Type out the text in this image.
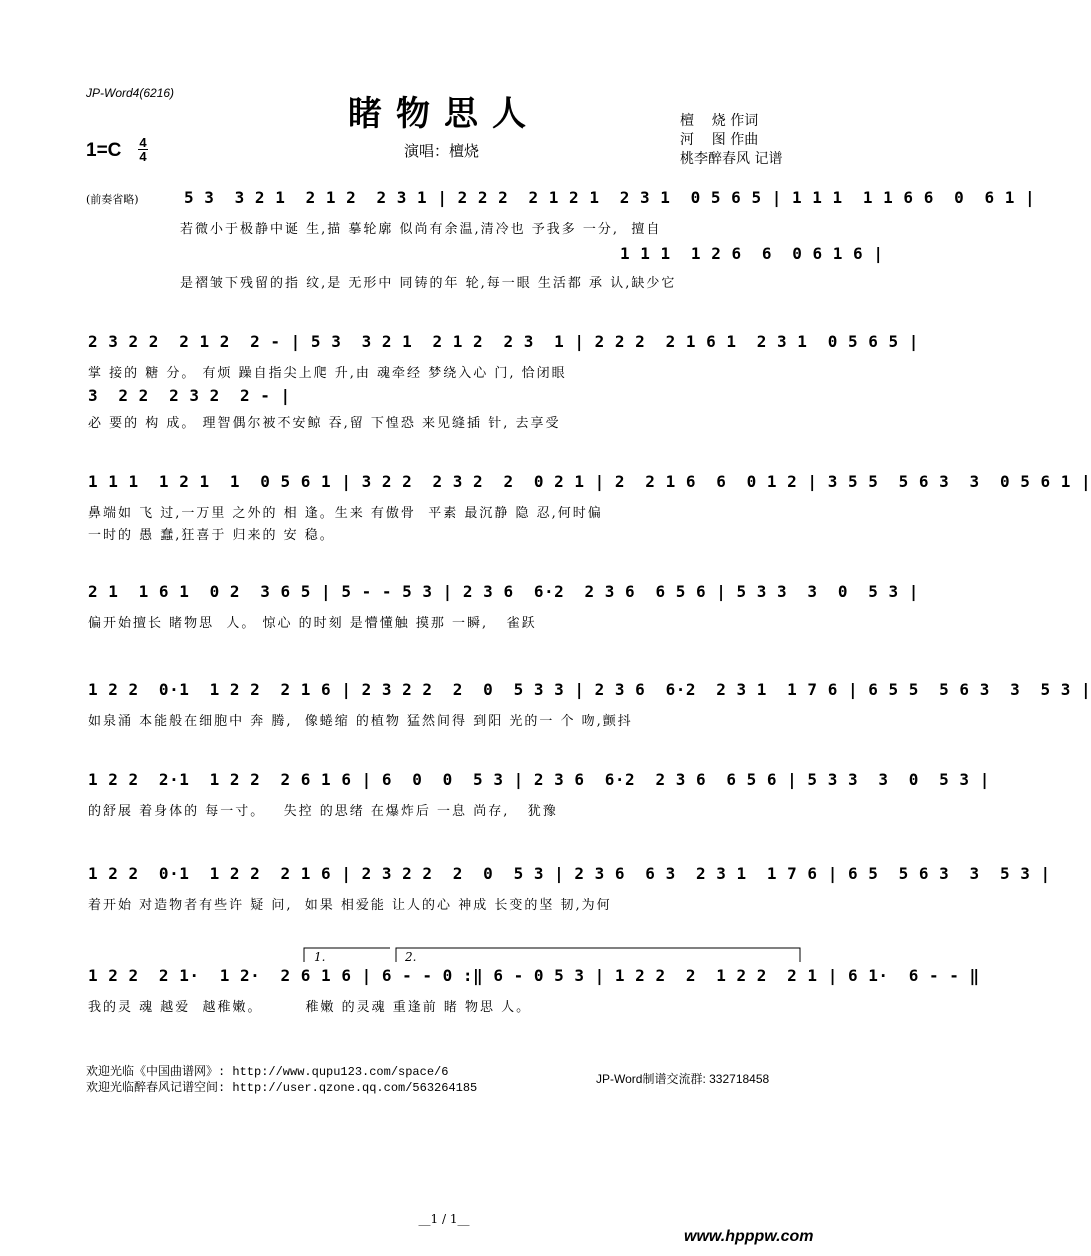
JP-Word4(6216)
睹物思人
1=C 4
4	演唱：檀烧
檀    烧 作词
河    图 作曲
桃李醉春风 记谱
(前奏省略)	5 3  3 2 1  2 1 2  2 3 1 | 2 2 2  2 1 2 1  2 3 1  0 5 6 5 | 1 1 1  1 1 6 6  0  6 1 |
若微小于极静中诞 生,描 摹轮廓 似尚有余温,清冷也 予我多 一分,  擅自
1 1 1  1 2 6  6  0 6 1 6 |
是褶皱下残留的指 纹,是 无形中 同铸的年 轮,每一眼 生活都 承 认,缺少它
2 3 2 2  2 1 2  2 - | 5 3  3 2 1  2 1 2  2 3  1 | 2 2 2  2 1 6 1  2 3 1  0 5 6 5 |
掌 接的 糖 分。 有烦 躁自指尖上爬 升,由 魂牵经 梦绕入心 门, 恰闭眼
3  2 2  2 3 2  2 - |
必 要的 构 成。 理智偶尔被不安鲸 吞,留 下惶恐 来见缝插 针, 去享受
1 1 1  1 2 1  1  0 5 6 1 | 3 2 2  2 3 2  2  0 2 1 | 2  2 1 6  6  0 1 2 | 3 5 5  5 6 3  3  0 5 6 1 |
鼻端如 飞 过,一万里 之外的 相 逢。生来 有傲骨  平素 最沉静 隐 忍,何时偏
一时的 愚 蠢,狂喜于 归来的 安 稳。
2 1  1 6 1  0 2  3 6 5 | 5 - - 5 3 | 2 3 6  6·2  2 3 6  6 5 6 | 5 3 3  3  0  5 3 |
偏开始擅长 睹物思  人。 惊心 的时刻 是懵懂触 摸那 一瞬,   雀跃
1 2 2  0·1  1 2 2  2 1 6 | 2 3 2 2  2  0  5 3 3 | 2 3 6  6·2  2 3 1  1 7 6 | 6 5 5  5 6 3  3  5 3 |
如泉涌 本能般在细胞中 奔 腾,  像蜷缩 的植物 猛然间得 到阳 光的一 个 吻,颤抖
1 2 2  2·1  1 2 2  2 6 1 6 | 6  0  0  5 3 | 2 3 6  6·2  2 3 6  6 5 6 | 5 3 3  3  0  5 3 |
的舒展 着身体的 每一寸。   失控 的思绪 在爆炸后 一息 尚存,   犹豫
1 2 2  0·1  1 2 2  2 1 6 | 2 3 2 2  2  0  5 3 | 2 3 6  6 3  2 3 1  1 7 6 | 6 5  5 6 3  3  5 3 |
着开始 对造物者有些许 疑 问,  如果 相爱能 让人的心 神成 长变的坚 韧,为何
1.	2.
1 2 2  2 1·  1 2·  2 6 1 6 | 6 - - 0 :‖ 6 - 0 5 3 | 1 2 2  2  1 2 2  2 1 | 6 1·  6 - - ‖
我的灵 魂 越爱  越稚嫩。       稚嫩 的灵魂 重逢前 睹 物思 人。
欢迎光临《中国曲谱网》: http://www.qupu123.com/space/6
欢迎光临醉春风记谱空间: http://user.qzone.qq.com/563264185
JP-Word制谱交流群: 332718458
__1 / 1__
www.hpppw.com
